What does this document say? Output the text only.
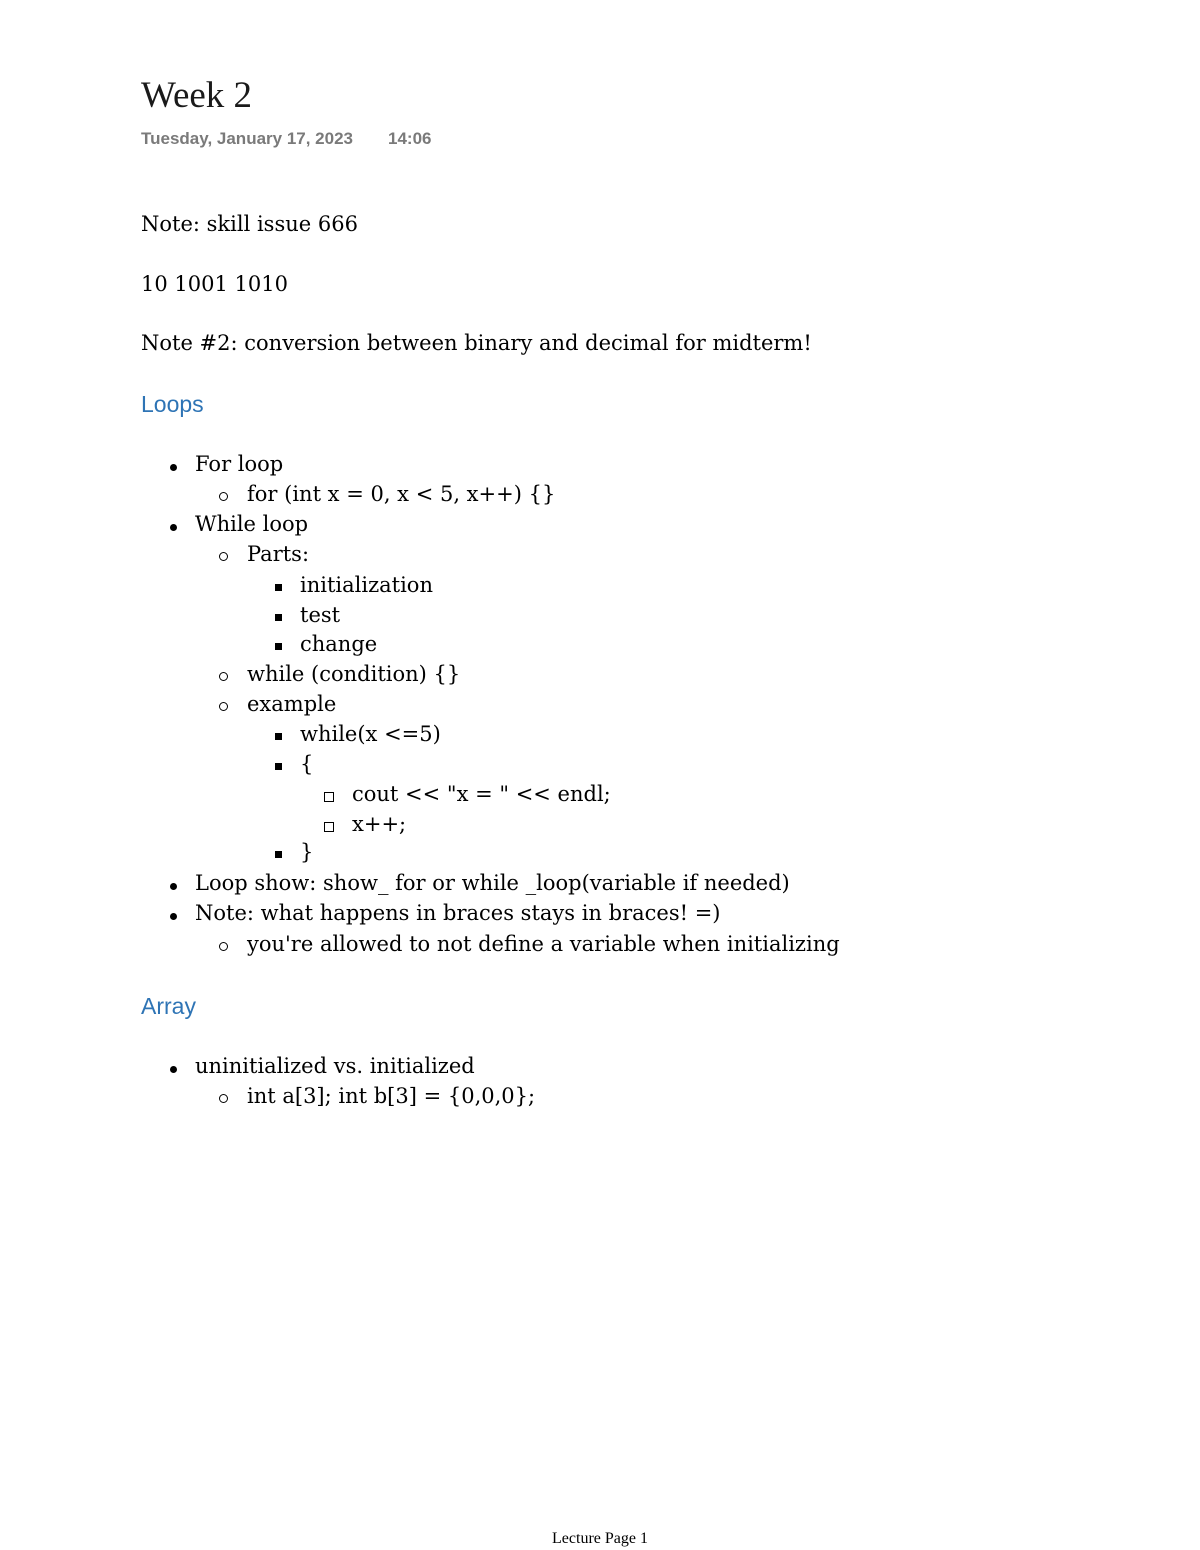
Week 2
Tuesday, January 17, 2023 14:06
Note: skill issue 666
10 1001 1010
Note #2: conversion between binary and decimal for midterm!
Loops
For loop
for (int x = 0, x < 5, x++) {}
While loop
Parts:
initialization
test
change
while (condition) {}
example
while(x <=5)
{
cout << "x = " << endl;
x++;
}
Loop show: show_ for or while _loop(variable if needed)
Note: what happens in braces stays in braces! =)
you're allowed to not define a variable when initializing
Array
uninitialized vs. initialized
int a[3]; int b[3] = {0,0,0};
Lecture Page 1
